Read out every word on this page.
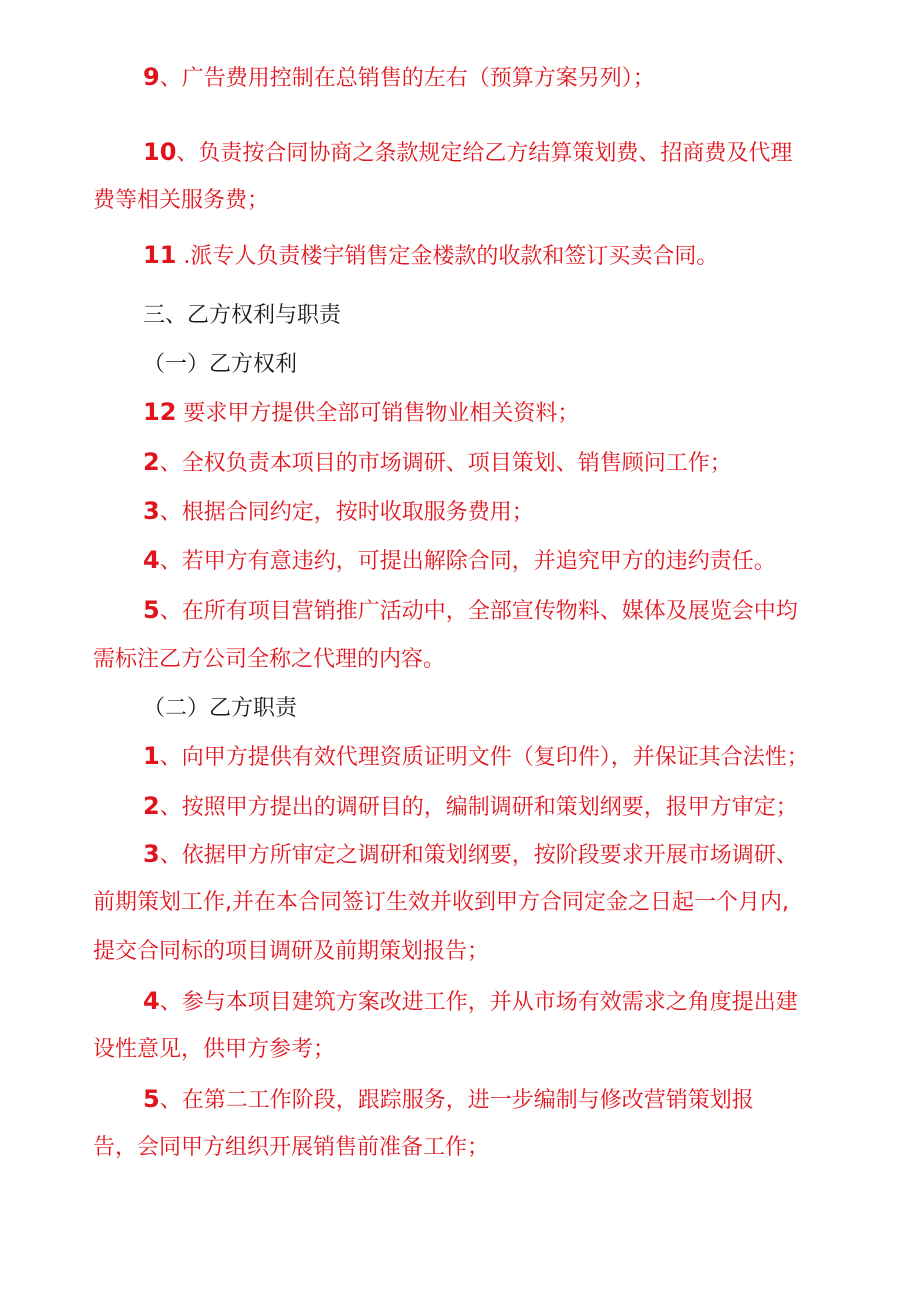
9、广告费用控制在总销售的左右（预算方案另列）；

10、负责按合同协商之条款规定给乙方结算策划费、招商费及代理

费等相关服务费；

11 .派专人负责楼宇销售定金楼款的收款和签订买卖合同。

三、乙方权利与职责

（一）乙方权利

12 要求甲方提供全部可销售物业相关资料；

2、全权负责本项目的市场调研、项目策划、销售顾问工作；

3、根据合同约定，按时收取服务费用；

4、若甲方有意违约，可提出解除合同，并追究甲方的违约责任。

5、在所有项目营销推广活动中，全部宣传物料、媒体及展览会中均

需标注乙方公司全称之代理的内容。

（二）乙方职责

1、向甲方提供有效代理资质证明文件（复印件），并保证其合法性；

2、按照甲方提出的调研目的，编制调研和策划纲要，报甲方审定；

3、依据甲方所审定之调研和策划纲要，按阶段要求开展市场调研、

前期策划工作,并在本合同签订生效并收到甲方合同定金之日起一个月内,

提交合同标的项目调研及前期策划报告；

4、参与本项目建筑方案改进工作，并从市场有效需求之角度提出建

设性意见，供甲方参考；

5、在第二工作阶段，跟踪服务，进一步编制与修改营销策划报

告，会同甲方组织开展销售前准备工作；
